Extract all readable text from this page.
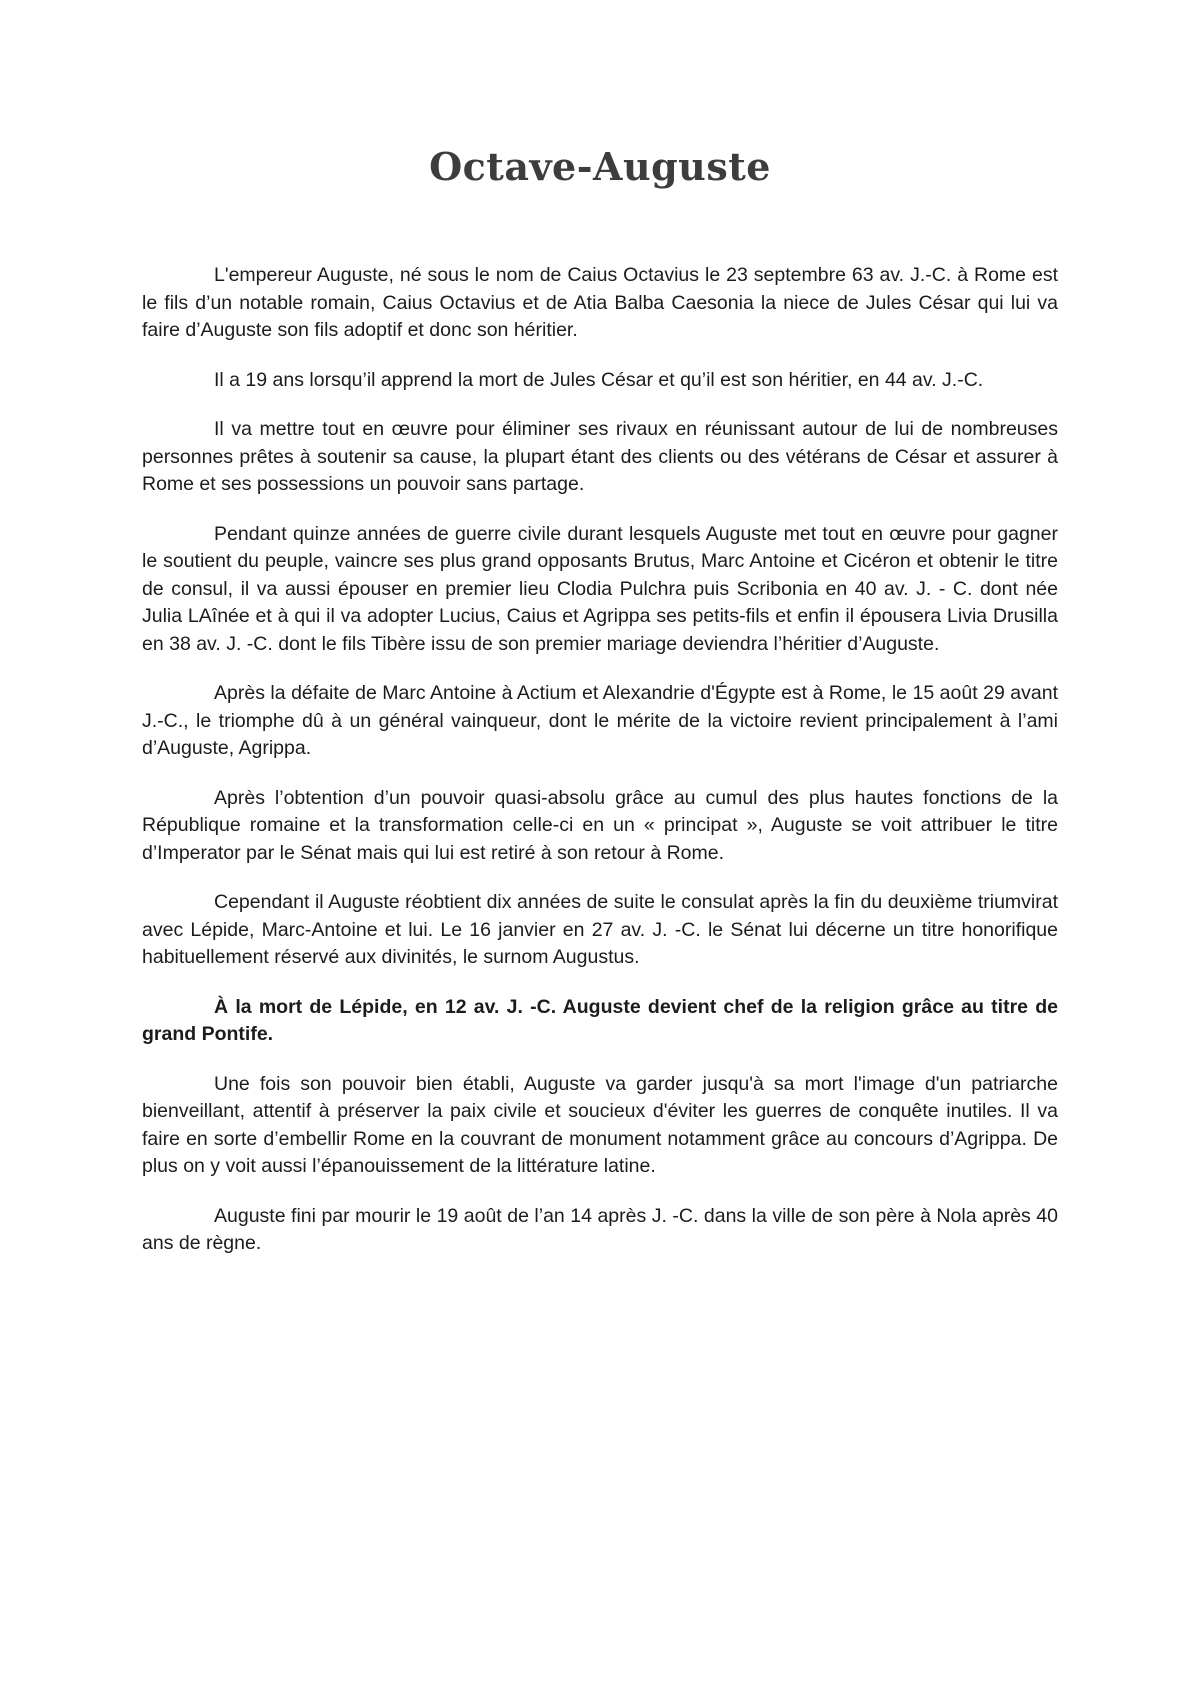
Octave-Auguste

L'empereur Auguste, né sous le nom de Caius Octavius le 23 septembre 63 av. J.-C. à Rome est le fils d’un notable romain, Caius Octavius et de Atia Balba Caesonia la niece de Jules César qui lui va faire d’Auguste son fils adoptif et donc son héritier.

Il a 19 ans lorsqu’il apprend la mort de Jules César et qu’il est son héritier, en 44 av. J.-C.

Il va mettre tout en œuvre pour éliminer ses rivaux en réunissant autour de lui de nombreuses personnes prêtes à soutenir sa cause, la plupart étant des clients ou des vétérans de César et assurer à Rome et ses possessions un pouvoir sans partage.

Pendant quinze années de guerre civile durant lesquels Auguste met tout en œuvre pour gagner le soutient du peuple, vaincre ses plus grand opposants Brutus, Marc Antoine et Cicéron et obtenir le titre de consul, il va aussi épouser en premier lieu Clodia Pulchra puis Scribonia en 40 av. J. - C. dont née Julia LAînée et à qui il va adopter Lucius, Caius et Agrippa ses petits-fils et enfin il épousera Livia Drusilla en 38 av. J. -C. dont le fils Tibère issu de son premier mariage deviendra l’héritier d’Auguste.

Après la défaite de Marc Antoine à Actium et Alexandrie d'Égypte est à Rome, le 15 août 29 avant J.-C., le triomphe dû à un général vainqueur, dont le mérite de la victoire revient principalement à l’ami d’Auguste, Agrippa.

Après l’obtention d’un pouvoir quasi-absolu grâce au cumul des plus hautes fonctions de la République romaine et la transformation celle-ci en un « principat », Auguste se voit attribuer le titre d’Imperator par le Sénat mais qui lui est retiré à son retour à Rome.

Cependant il Auguste réobtient dix années de suite le consulat après la fin du deuxième triumvirat avec Lépide, Marc-Antoine et lui. Le 16 janvier en 27 av. J. -C. le Sénat lui décerne un titre honorifique habituellement réservé aux divinités, le surnom Augustus.

À la mort de Lépide, en 12 av. J. -C. Auguste devient chef de la religion grâce au titre de grand Pontife.

Une fois son pouvoir bien établi, Auguste va garder jusqu'à sa mort l'image d'un patriarche bienveillant, attentif à préserver la paix civile et soucieux d'éviter les guerres de conquête inutiles. Il va faire en sorte d’embellir Rome en la couvrant de monument notamment grâce au concours d’Agrippa. De plus on y voit aussi l’épanouissement de la littérature latine.

Auguste fini par mourir le 19 août de l’an 14 après J. -C. dans la ville de son père à Nola après 40 ans de règne.
